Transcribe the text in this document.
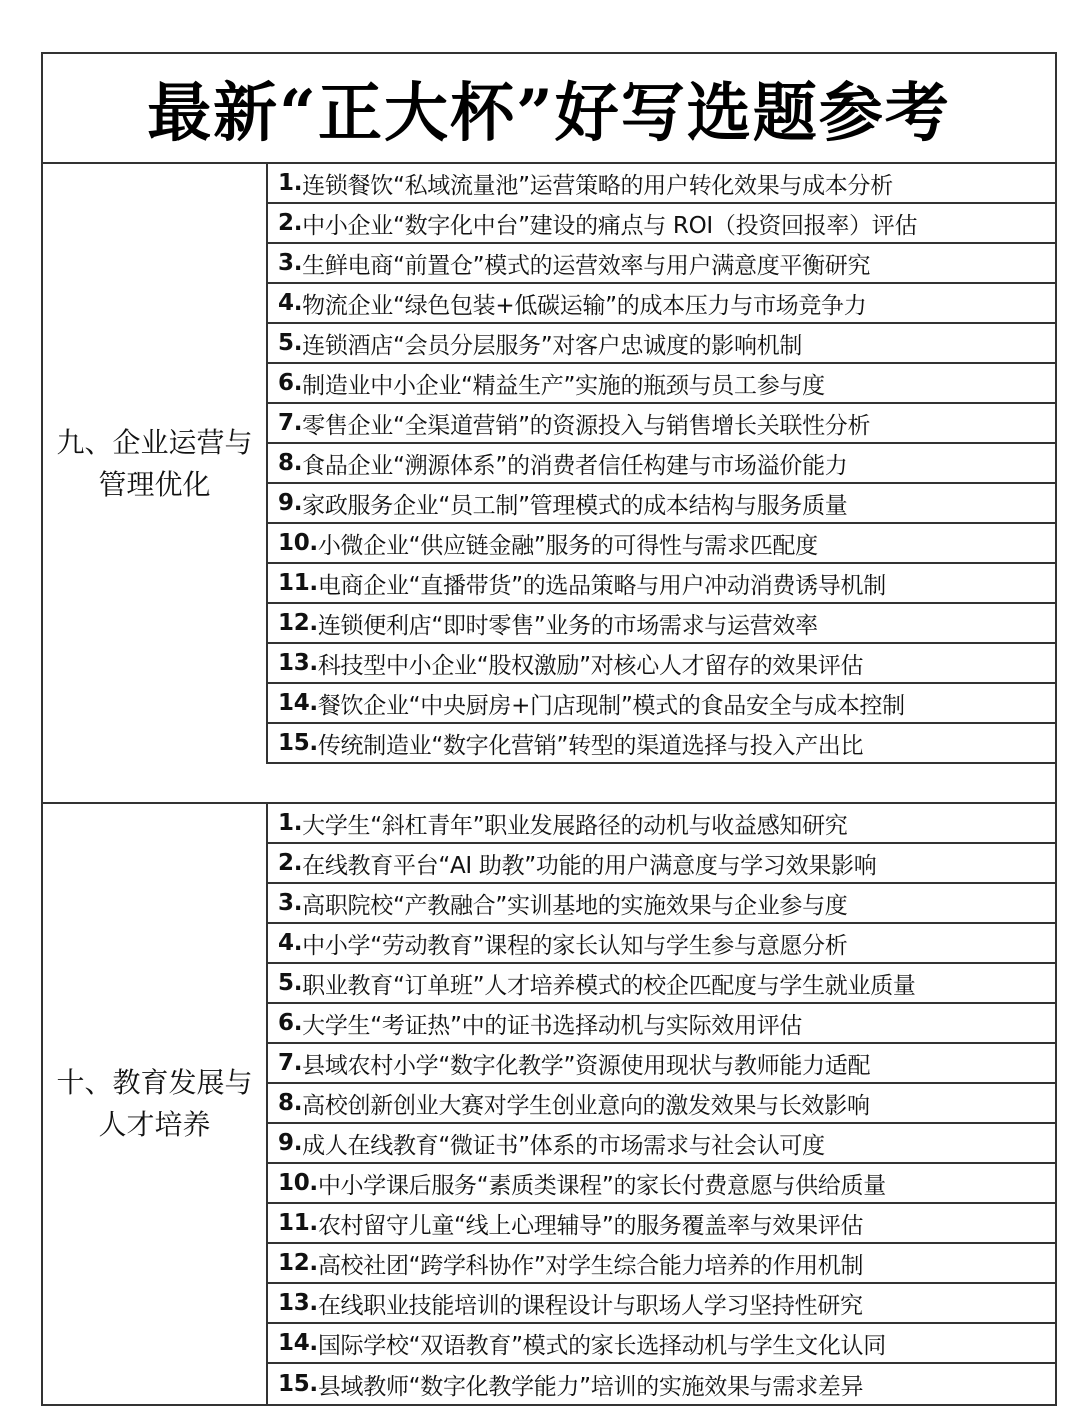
最新“正大杯”好写选题参考
九、企业运营与
管理优化
1. 连锁餐饮“私域流量池”运营策略的用户转化效果与成本分析
2. 中小企业“数字化中台”建设的痛点与 ROI（投资回报率）评估
3. 生鲜电商“前置仓”模式的运营效率与用户满意度平衡研究
4. 物流企业“绿色包装+低碳运输”的成本压力与市场竞争力
5. 连锁酒店“会员分层服务”对客户忠诚度的影响机制
6. 制造业中小企业“精益生产”实施的瓶颈与员工参与度
7. 零售企业“全渠道营销”的资源投入与销售增长关联性分析
8. 食品企业“溯源体系”的消费者信任构建与市场溢价能力
9. 家政服务企业“员工制”管理模式的成本结构与服务质量
10. 小微企业“供应链金融”服务的可得性与需求匹配度
11. 电商企业“直播带货”的选品策略与用户冲动消费诱导机制
12. 连锁便利店“即时零售”业务的市场需求与运营效率
13. 科技型中小企业“股权激励”对核心人才留存的效果评估
14. 餐饮企业“中央厨房+门店现制”模式的食品安全与成本控制
15. 传统制造业“数字化营销”转型的渠道选择与投入产出比
十、教育发展与
人才培养
1. 大学生“斜杠青年”职业发展路径的动机与收益感知研究
2. 在线教育平台“AI 助教”功能的用户满意度与学习效果影响
3. 高职院校“产教融合”实训基地的实施效果与企业参与度
4. 中小学“劳动教育”课程的家长认知与学生参与意愿分析
5. 职业教育“订单班”人才培养模式的校企匹配度与学生就业质量
6. 大学生“考证热”中的证书选择动机与实际效用评估
7. 县域农村小学“数字化教学”资源使用现状与教师能力适配
8. 高校创新创业大赛对学生创业意向的激发效果与长效影响
9. 成人在线教育“微证书”体系的市场需求与社会认可度
10. 中小学课后服务“素质类课程”的家长付费意愿与供给质量
11. 农村留守儿童“线上心理辅导”的服务覆盖率与效果评估
12. 高校社团“跨学科协作”对学生综合能力培养的作用机制
13. 在线职业技能培训的课程设计与职场人学习坚持性研究
14. 国际学校“双语教育”模式的家长选择动机与学生文化认同
15. 县域教师“数字化教学能力”培训的实施效果与需求差异
